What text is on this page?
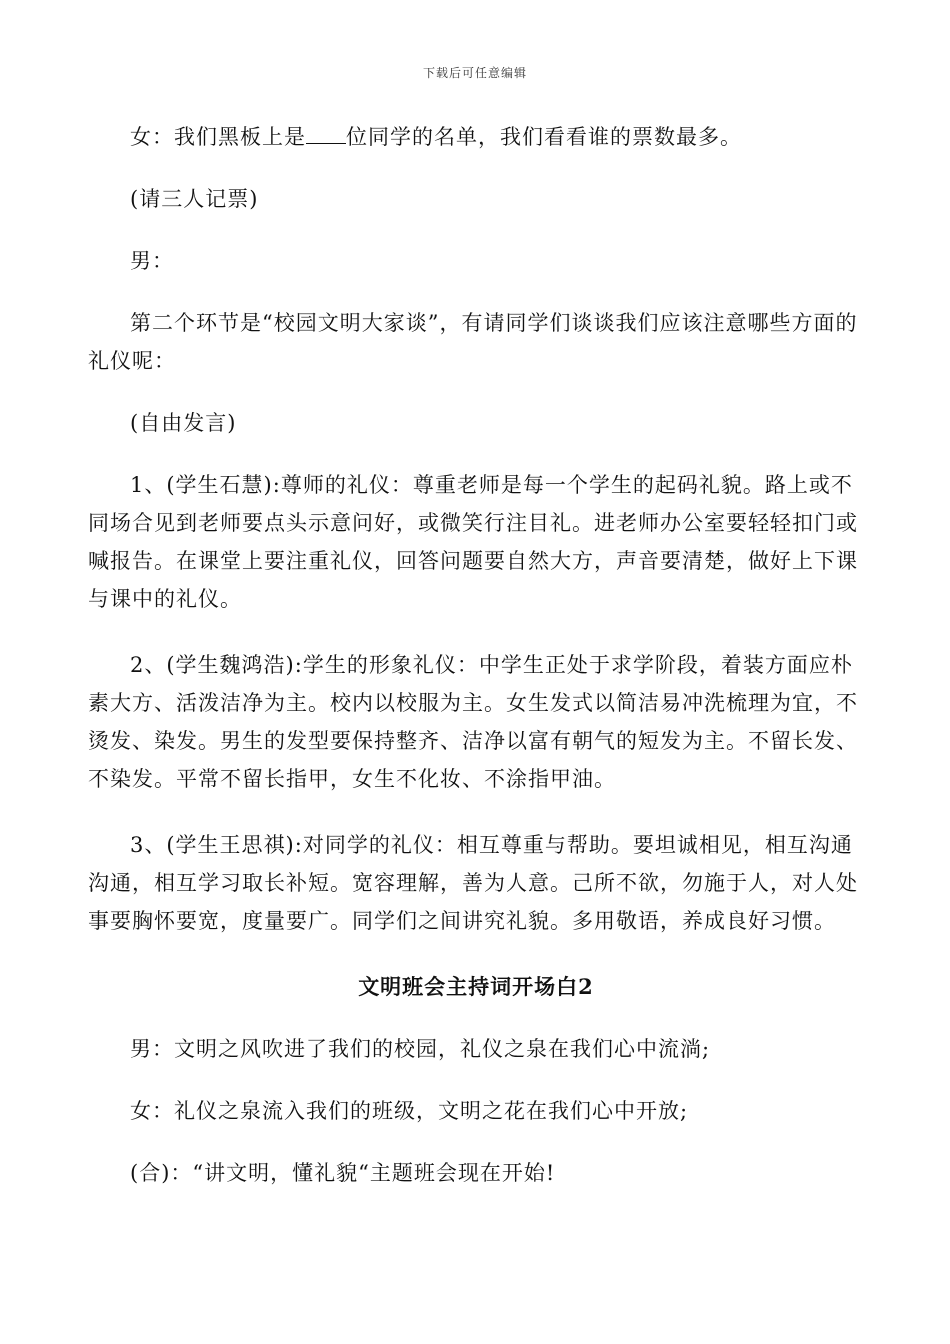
下载后可任意编辑

女：我们黑板上是 位同学的名单，我们看看谁的票数最多。

(请三人记票)

男：

第二个环节是“校园文明大家谈”，有请同学们谈谈我们应该注意哪些方面的礼仪呢：

(自由发言)

1、(学生石慧):尊师的礼仪：尊重老师是每一个学生的起码礼貌。路上或不同场合见到老师要点头示意问好，或微笑行注目礼。进老师办公室要轻轻扣门或喊报告。在课堂上要注重礼仪，回答问题要自然大方，声音要清楚，做好上下课与课中的礼仪。

2、(学生魏鸿浩):学生的形象礼仪：中学生正处于求学阶段，着装方面应朴素大方、活泼洁净为主。校内以校服为主。女生发式以简洁易冲洗梳理为宜，不烫发、染发。男生的发型要保持整齐、洁净以富有朝气的短发为主。不留长发、不染发。平常不留长指甲，女生不化妆、不涂指甲油。

3、(学生王思祺):对同学的礼仪：相互尊重与帮助。要坦诚相见，相互沟通沟通，相互学习取长补短。宽容理解，善为人意。己所不欲，勿施于人，对人处事要胸怀要宽，度量要广。同学们之间讲究礼貌。多用敬语，养成良好习惯。

文明班会主持词开场白2

男：文明之风吹进了我们的校园，礼仪之泉在我们心中流淌;

女：礼仪之泉流入我们的班级，文明之花在我们心中开放;

(合)：“讲文明，懂礼貌“主题班会现在开始!
